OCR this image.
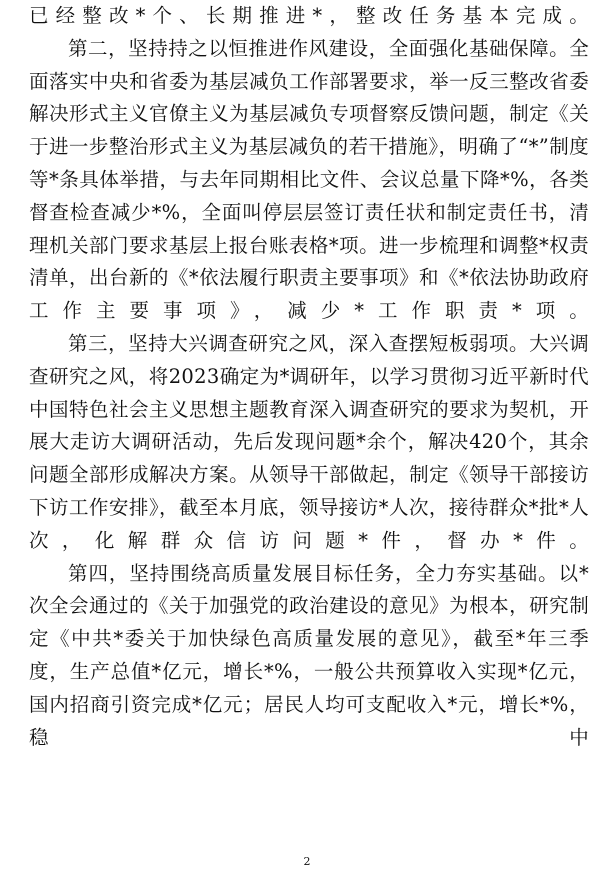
已经整改*个、长期推进*，整改任务基本完成。

第二，坚持持之以恒推进作风建设，全面强化基础保障。全面落实中央和省委为基层减负工作部署要求，举一反三整改省委解决形式主义官僚主义为基层减负专项督察反馈问题，制定《关于进一步整治形式主义为基层减负的若干措施》，明确了“*”制度等*条具体举措，与去年同期相比文件、会议总量下降*%，各类督查检查减少*%，全面叫停层层签订责任状和制定责任书，清理机关部门要求基层上报台账表格*项。进一步梳理和调整*权责清单，出台新的《*依法履行职责主要事项》和《*依法协助政府工作主要事项》，减少*工作职责*项。

第三，坚持大兴调查研究之风，深入查摆短板弱项。大兴调查研究之风，将2023确定为*调研年，以学习贯彻习近平新时代中国特色社会主义思想主题教育深入调查研究的要求为契机，开展大走访大调研活动，先后发现问题*余个，解决420个，其余问题全部形成解决方案。从领导干部做起，制定《领导干部接访下访工作安排》，截至本月底，领导接访*人次，接待群众*批*人次，化解群众信访问题*件，督办*件。

第四，坚持围绕高质量发展目标任务，全力夯实基础。以*次全会通过的《关于加强党的政治建设的意见》为根本，研究制定《中共*委关于加快绿色高质量发展的意见》，截至*年三季度，生产总值*亿元，增长*%，一般公共预算收入实现*亿元，国内招商引资完成*亿元；居民人均可支配收入*元，增长*%，稳中

2
